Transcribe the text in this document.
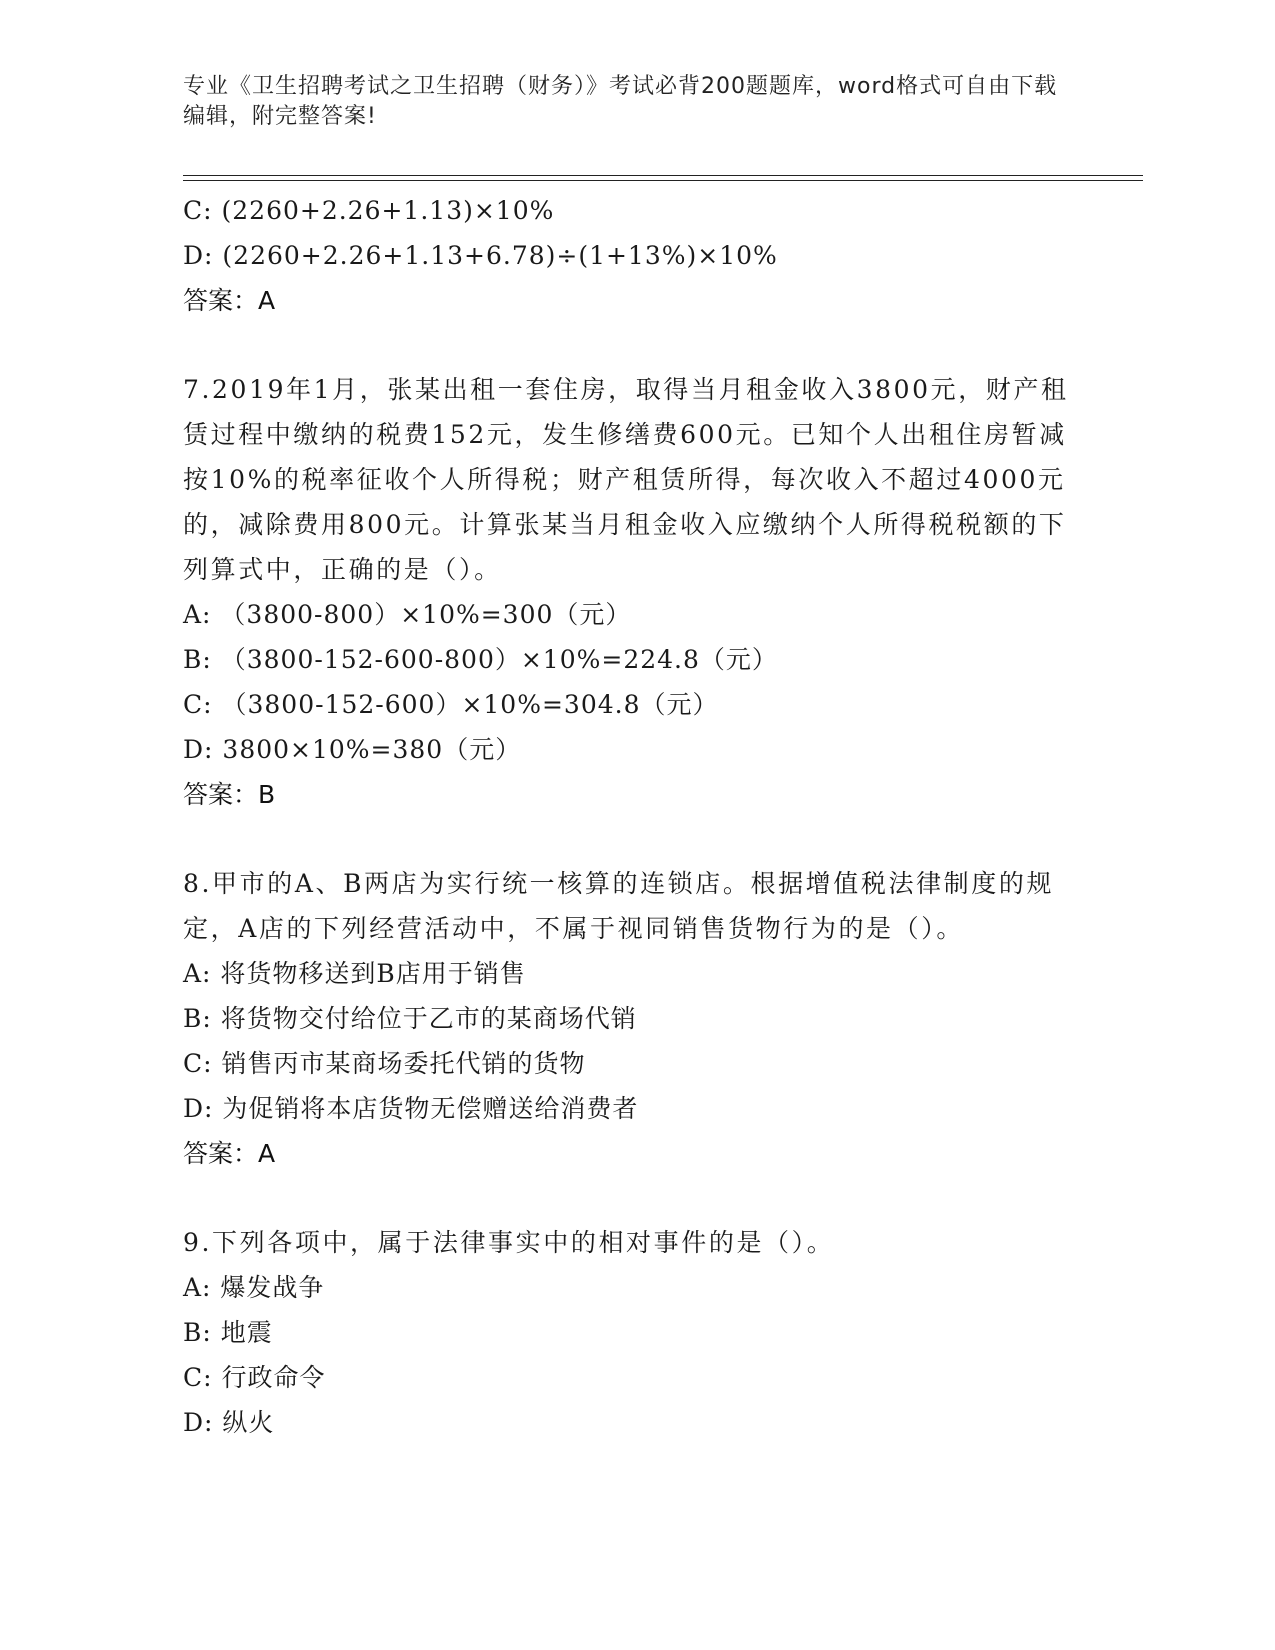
专业《卫生招聘考试之卫生招聘（财务）》考试必背200题题库，word格式可自由下载编辑，附完整答案!
C: (2260+2.26+1.13)×10%
D: (2260+2.26+1.13+6.78)÷(1+13%)×10%
答案：A
7.2019年1月，张某出租一套住房，取得当月租金收入3800元，财产租赁过程中缴纳的税费152元，发生修缮费600元。已知个人出租住房暂减按10%的税率征收个人所得税；财产租赁所得，每次收入不超过4000元的，减除费用800元。计算张某当月租金收入应缴纳个人所得税税额的下列算式中，正确的是（）。
A: （3800-800）×10%=300（元）
B: （3800-152-600-800）×10%=224.8（元）
C: （3800-152-600）×10%=304.8（元）
D: 3800×10%=380（元）
答案：B
8.甲市的A、B两店为实行统一核算的连锁店。根据增值税法律制度的规定，A店的下列经营活动中，不属于视同销售货物行为的是（）。
A: 将货物移送到B店用于销售
B: 将货物交付给位于乙市的某商场代销
C: 销售丙市某商场委托代销的货物
D: 为促销将本店货物无偿赠送给消费者
答案：A
9.下列各项中，属于法律事实中的相对事件的是（）。
A: 爆发战争
B: 地震
C: 行政命令
D: 纵火
